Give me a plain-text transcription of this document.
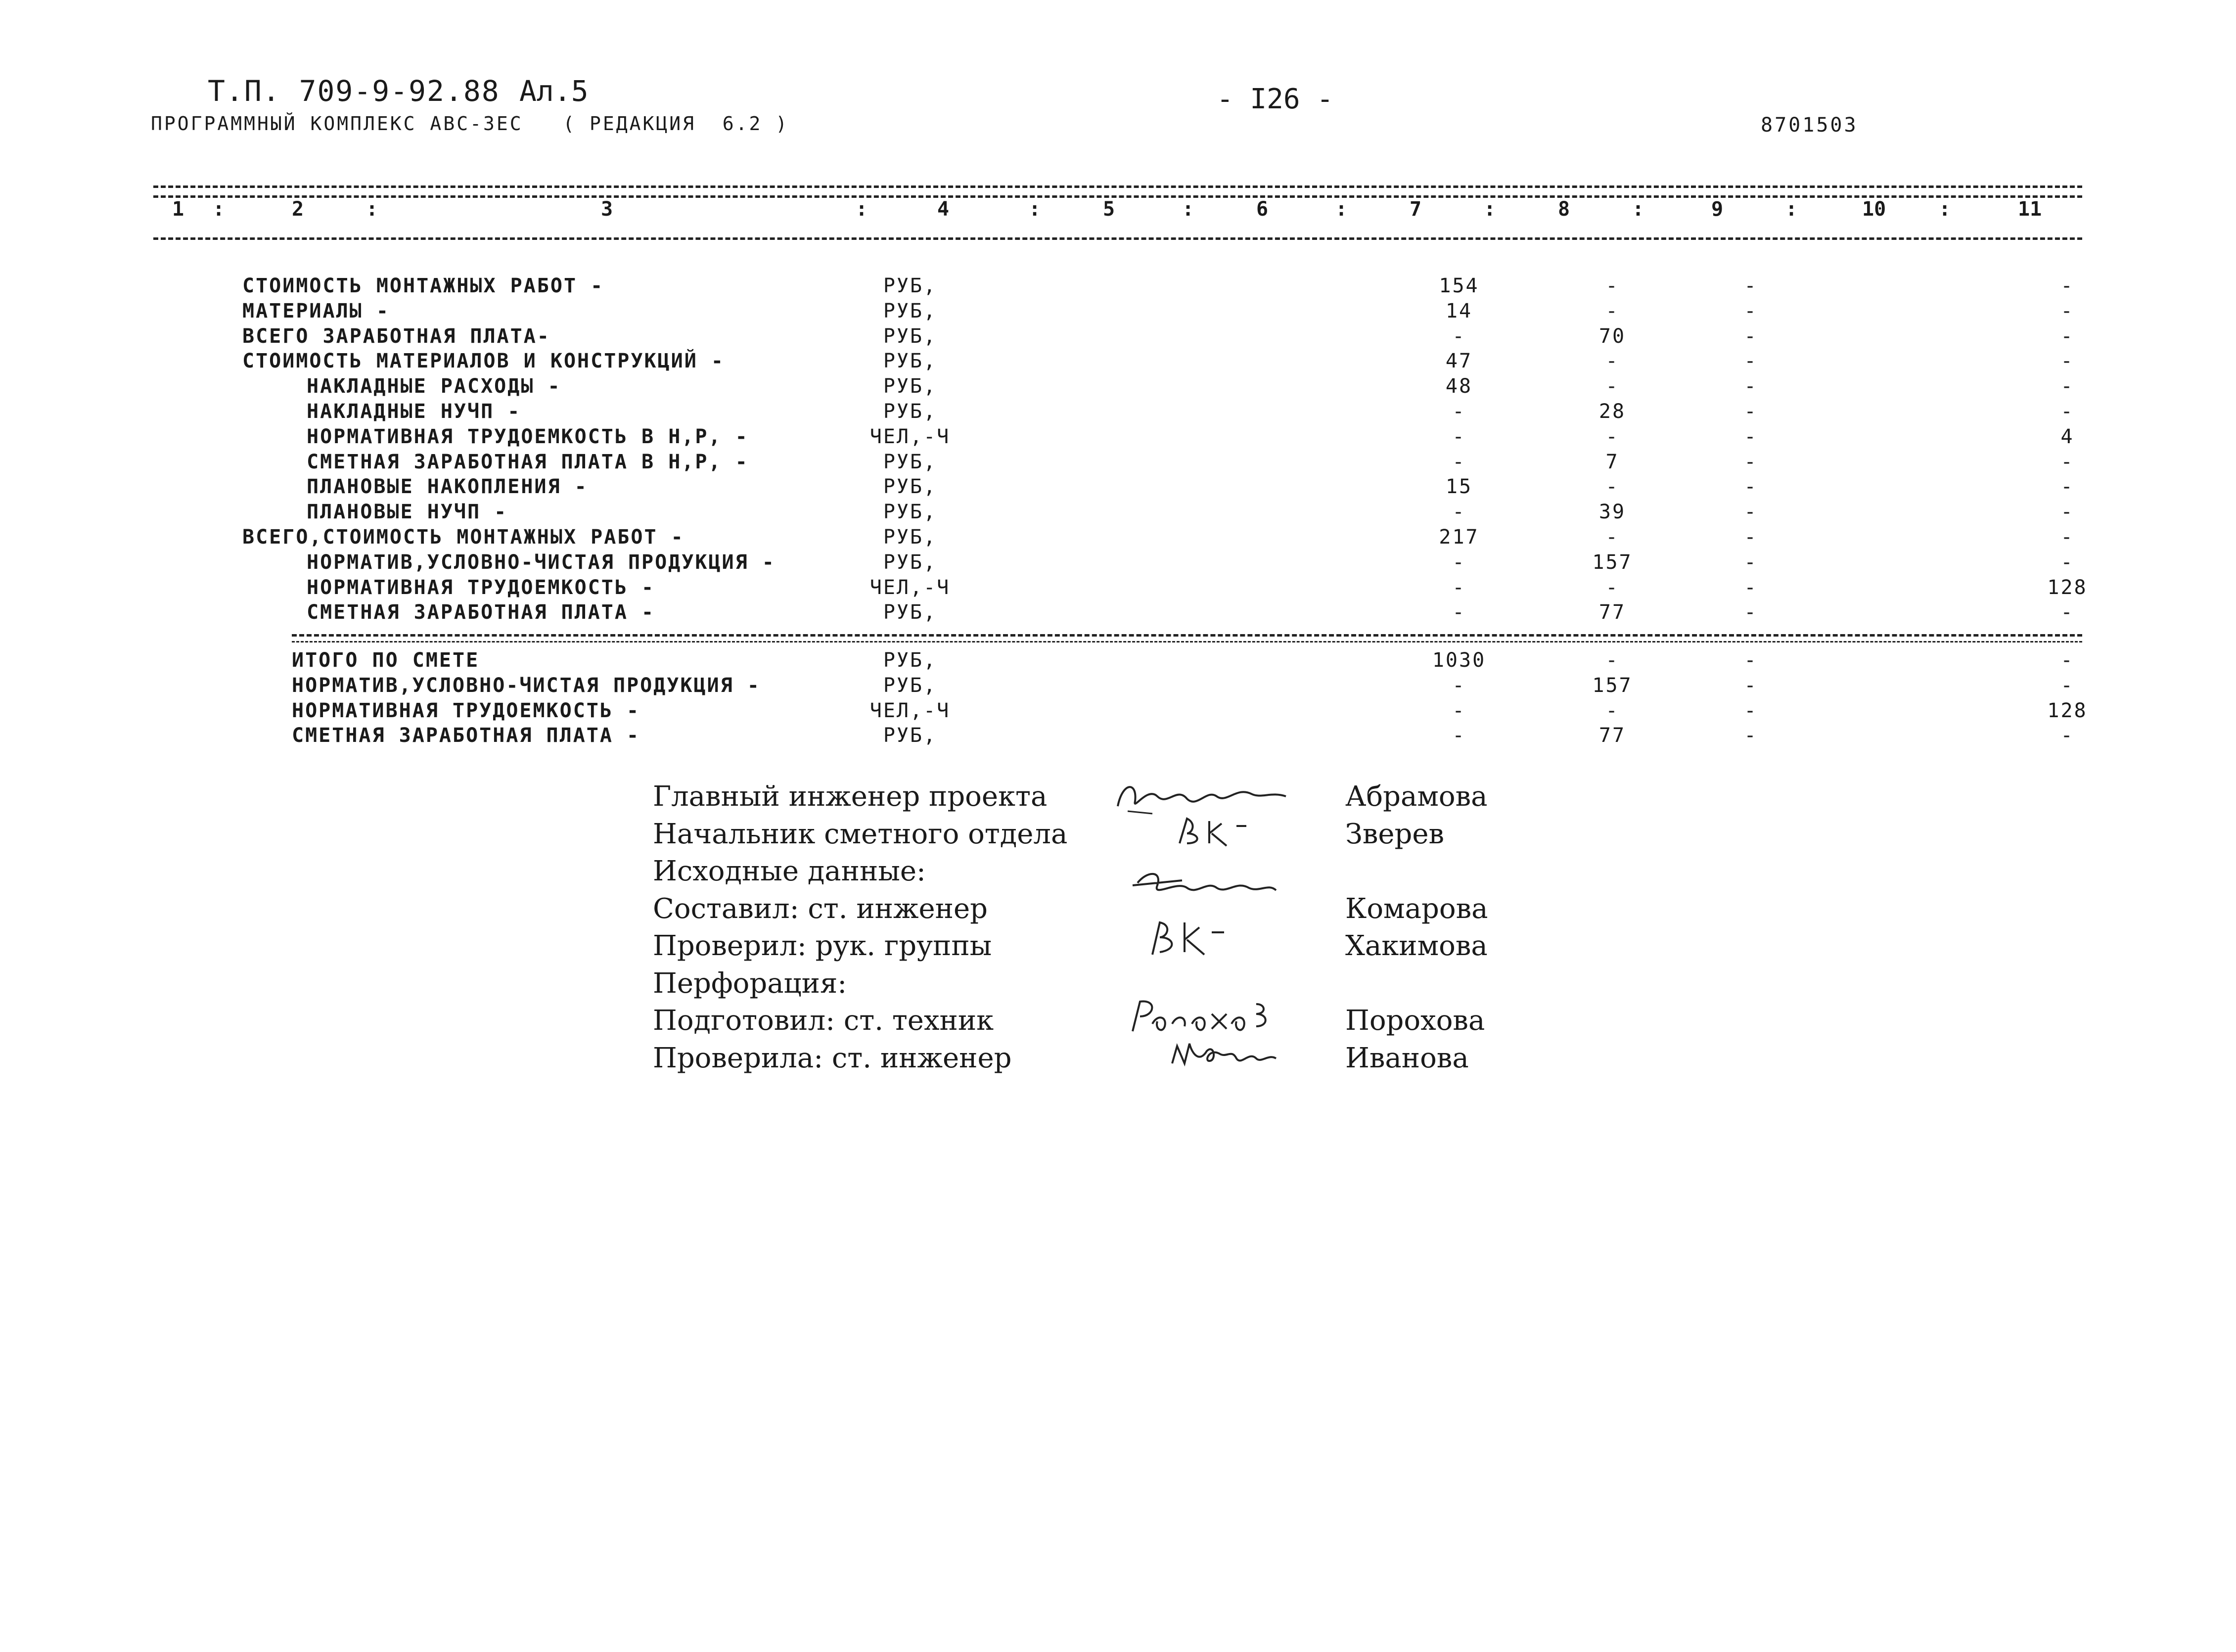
Т.П. 709-9-92.88 Ал.5	- I26 -
ПРОГРАММНЫЙ КОМПЛЕКС АВС-3ЕС   ( РЕДАКЦИЯ  6.2 )	8701503
1	2	3	4	5	6	7	8	9	10	11
:	:	:	:	:	:	:	:	:	:
СТОИМОСТЬ МОНТАЖНЫХ РАБОТ -	РУБ,	154	-	-	-
МАТЕРИАЛЫ -	РУБ,	14	-	-	-
ВСЕГО ЗАРАБОТНАЯ ПЛАТА-	РУБ,	-	70	-	-
СТОИМОСТЬ МАТЕРИАЛОВ И КОНСТРУКЦИЙ -	РУБ,	47	-	-	-
НАКЛАДНЫЕ РАСХОДЫ -	РУБ,	48	-	-	-
НАКЛАДНЫЕ НУЧП -	РУБ,	-	28	-	-
НОРМАТИВНАЯ ТРУДОЕМКОСТЬ В Н,Р, -	ЧЕЛ,-Ч	-	-	-	4
СМЕТНАЯ ЗАРАБОТНАЯ ПЛАТА В Н,Р, -	РУБ,	-	7	-	-
ПЛАНОВЫЕ НАКОПЛЕНИЯ -	РУБ,	15	-	-	-
ПЛАНОВЫЕ НУЧП -	РУБ,	-	39	-	-
ВСЕГО,СТОИМОСТЬ МОНТАЖНЫХ РАБОТ -	РУБ,	217	-	-	-
НОРМАТИВ,УСЛОВНО-ЧИСТАЯ ПРОДУКЦИЯ -	РУБ,	-	157	-	-
НОРМАТИВНАЯ ТРУДОЕМКОСТЬ -	ЧЕЛ,-Ч	-	-	-	128
СМЕТНАЯ ЗАРАБОТНАЯ ПЛАТА -	РУБ,	-	77	-	-
ИТОГО ПО СМЕТЕ	РУБ,	1030	-	-	-
НОРМАТИВ,УСЛОВНО-ЧИСТАЯ ПРОДУКЦИЯ -	РУБ,	-	157	-	-
НОРМАТИВНАЯ ТРУДОЕМКОСТЬ -	ЧЕЛ,-Ч	-	-	-	128
СМЕТНАЯ ЗАРАБОТНАЯ ПЛАТА -	РУБ,	-	77	-	-
Главный инженер проекта	Абрамова
Начальник сметного отдела	Зверев
Исходные данные:
Составил: ст. инженер	Комарова
Проверил: рук. группы	Хакимова
Перфорация:
Подготовил: ст. техник	Порохова
Проверила: ст. инженер	Иванова
